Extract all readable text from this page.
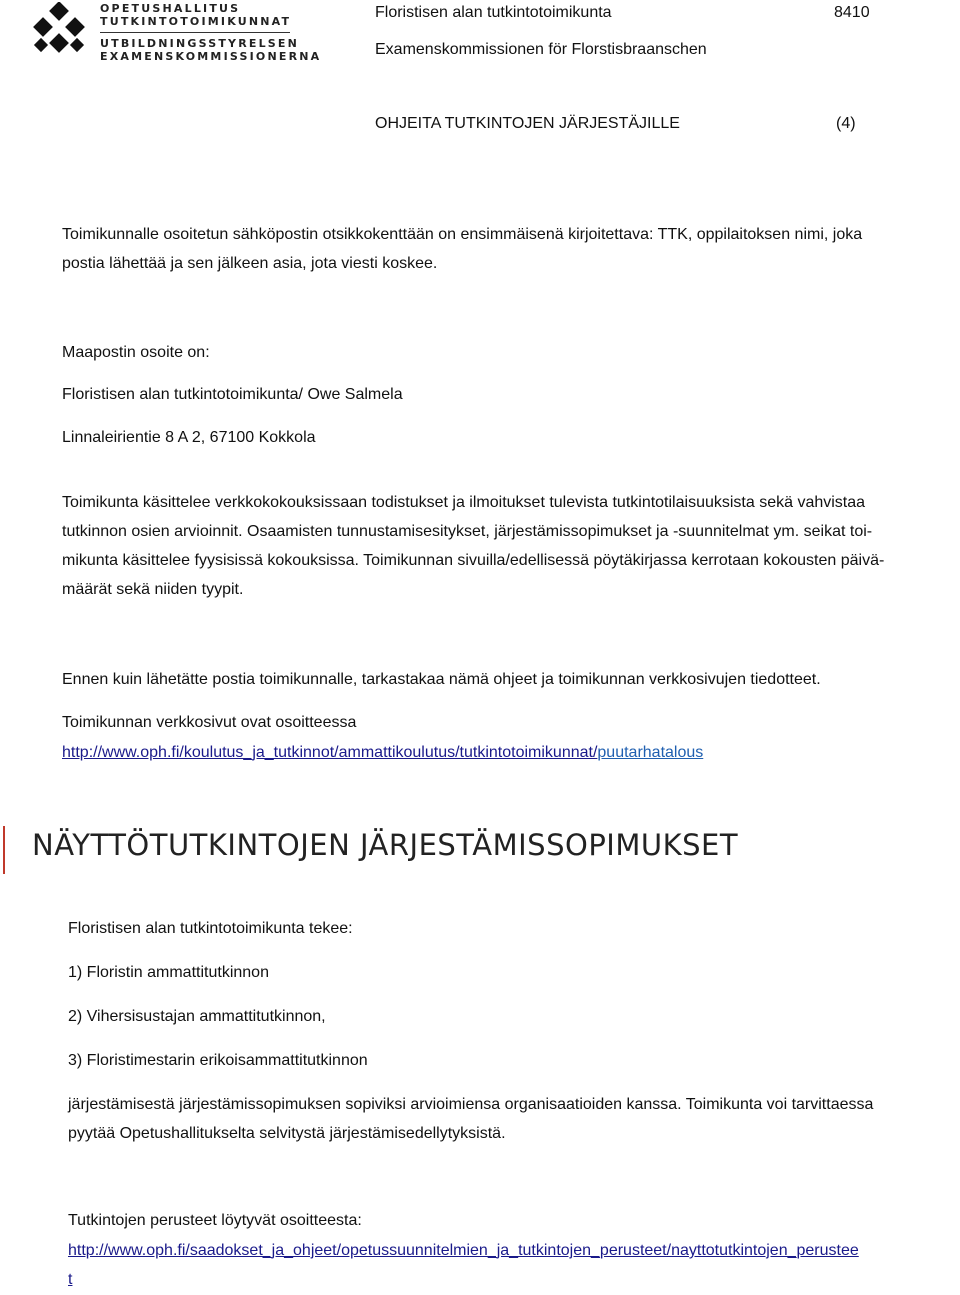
OPETUSHALLITUS
TUTKINTOTOIMIKUNNAT
UTBILDNINGSSTYRELSEN
EXAMENSKOMMISSIONERNA
Floristisen alan tutkintotoimikunta	8410
Examenskommissionen för Florstisbraanschen
OHJEITA TUTKINTOJEN JÄRJESTÄJILLE	(4)
Toimikunnalle osoitetun sähköpostin otsikkokenttään on ensimmäisenä kirjoitettava: TTK, oppilaitoksen nimi, joka
postia lähettää ja sen jälkeen asia, jota viesti koskee.
Maapostin osoite on:
Floristisen alan tutkintotoimikunta/ Owe Salmela
Linnaleirientie 8 A 2, 67100 Kokkola
Toimikunta käsittelee verkkokokouksissaan todistukset ja ilmoitukset tulevista tutkintotilaisuuksista sekä vahvistaa
tutkinnon osien arvioinnit. Osaamisten tunnustamisesitykset, järjestämissopimukset ja -suunnitelmat ym. seikat toi-
mikunta käsittelee fyysisissä kokouksissa. Toimikunnan sivuilla/edellisessä pöytäkirjassa kerrotaan kokousten päivä-
määrät sekä niiden tyypit.
Ennen kuin lähetätte postia toimikunnalle, tarkastakaa nämä ohjeet ja toimikunnan verkkosivujen tiedotteet.
Toimikunnan verkkosivut ovat osoitteessa
http://www.oph.fi/koulutus_ja_tutkinnot/ammattikoulutus/tutkintotoimikunnat/puutarhatalous
NÄYTTÖTUTKINTOJEN JÄRJESTÄMISSOPIMUKSET
Floristisen alan tutkintotoimikunta tekee:
1) Floristin ammattitutkinnon
2) Vihersisustajan ammattitutkinnon,
3) Floristimestarin erikoisammattitutkinnon
järjestämisestä järjestämissopimuksen sopiviksi arvioimiensa organisaatioiden kanssa. Toimikunta voi tarvittaessa
pyytää Opetushallitukselta selvitystä järjestämisedellytyksistä.
Tutkintojen perusteet löytyvät osoitteesta:
http://www.oph.fi/saadokset_ja_ohjeet/opetussuunnitelmien_ja_tutkintojen_perusteet/nayttotutkintojen_perustee
t
